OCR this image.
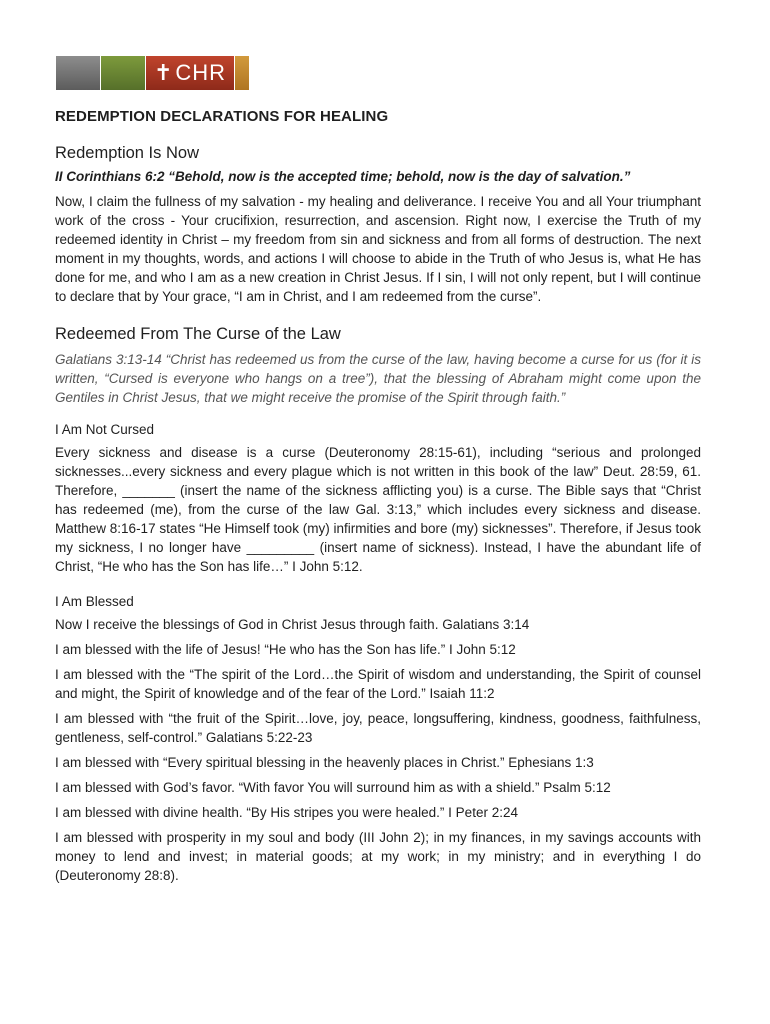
✝ CHR
REDEMPTION DECLARATIONS FOR HEALING
Redemption Is Now
II Corinthians 6:2 “Behold, now is the accepted time; behold, now is the day of salvation.”

Now, I claim the fullness of my salvation - my healing and deliverance. I receive You and all Your triumphant work of the cross - Your crucifixion, resurrection, and ascension. Right now, I exercise the Truth of my redeemed identity in Christ – my freedom from sin and sickness and from all forms of destruction. The next moment in my thoughts, words, and actions I will choose to abide in the Truth of who Jesus is, what He has done for me, and who I am as a new creation in Christ Jesus. If I sin, I will not only repent, but I will continue to declare that by Your grace, “I am in Christ, and I am redeemed from the curse”.

Redeemed From The Curse of the Law
Galatians 3:13-14 “Christ has redeemed us from the curse of the law, having become a curse for us (for it is written, “Cursed is everyone who hangs on a tree”), that the blessing of Abraham might come upon the Gentiles in Christ Jesus, that we might receive the promise of the Spirit through faith.”
I Am Not Cursed

Every sickness and disease is a curse (Deuteronomy 28:15-61), including “serious and prolonged sicknesses...every sickness and every plague which is not written in this book of the law” Deut. 28:59, 61. Therefore, _______ (insert the name of the sickness afflicting you) is a curse. The Bible says that “Christ has redeemed (me), from the curse of the law Gal. 3:13,” which includes every sickness and disease. Matthew 8:16-17 states “He Himself took (my) infirmities and bore (my) sicknesses”. Therefore, if Jesus took my sickness, I no longer have _________ (insert name of sickness). Instead, I have the abundant life of Christ, “He who has the Son has life…” I John 5:12.

I Am Blessed

Now I receive the blessings of God in Christ Jesus through faith. Galatians 3:14

I am blessed with the life of Jesus! “He who has the Son has life.” I John 5:12

I am blessed with the “The spirit of the Lord…the Spirit of wisdom and understanding, the Spirit of counsel and might, the Spirit of knowledge and of the fear of the Lord.” Isaiah 11:2

I am blessed with “the fruit of the Spirit…love, joy, peace, longsuffering, kindness, goodness, faithfulness, gentleness, self-control.” Galatians 5:22-23

I am blessed with “Every spiritual blessing in the heavenly places in Christ.” Ephesians 1:3

I am blessed with God’s favor. “With favor You will surround him as with a shield.” Psalm 5:12

I am blessed with divine health. “By His stripes you were healed.” I Peter 2:24

I am blessed with prosperity in my soul and body (III John 2); in my finances, in my savings accounts with money to lend and invest; in material goods; at my work; in my ministry; and in everything I do (Deuteronomy 28:8).
